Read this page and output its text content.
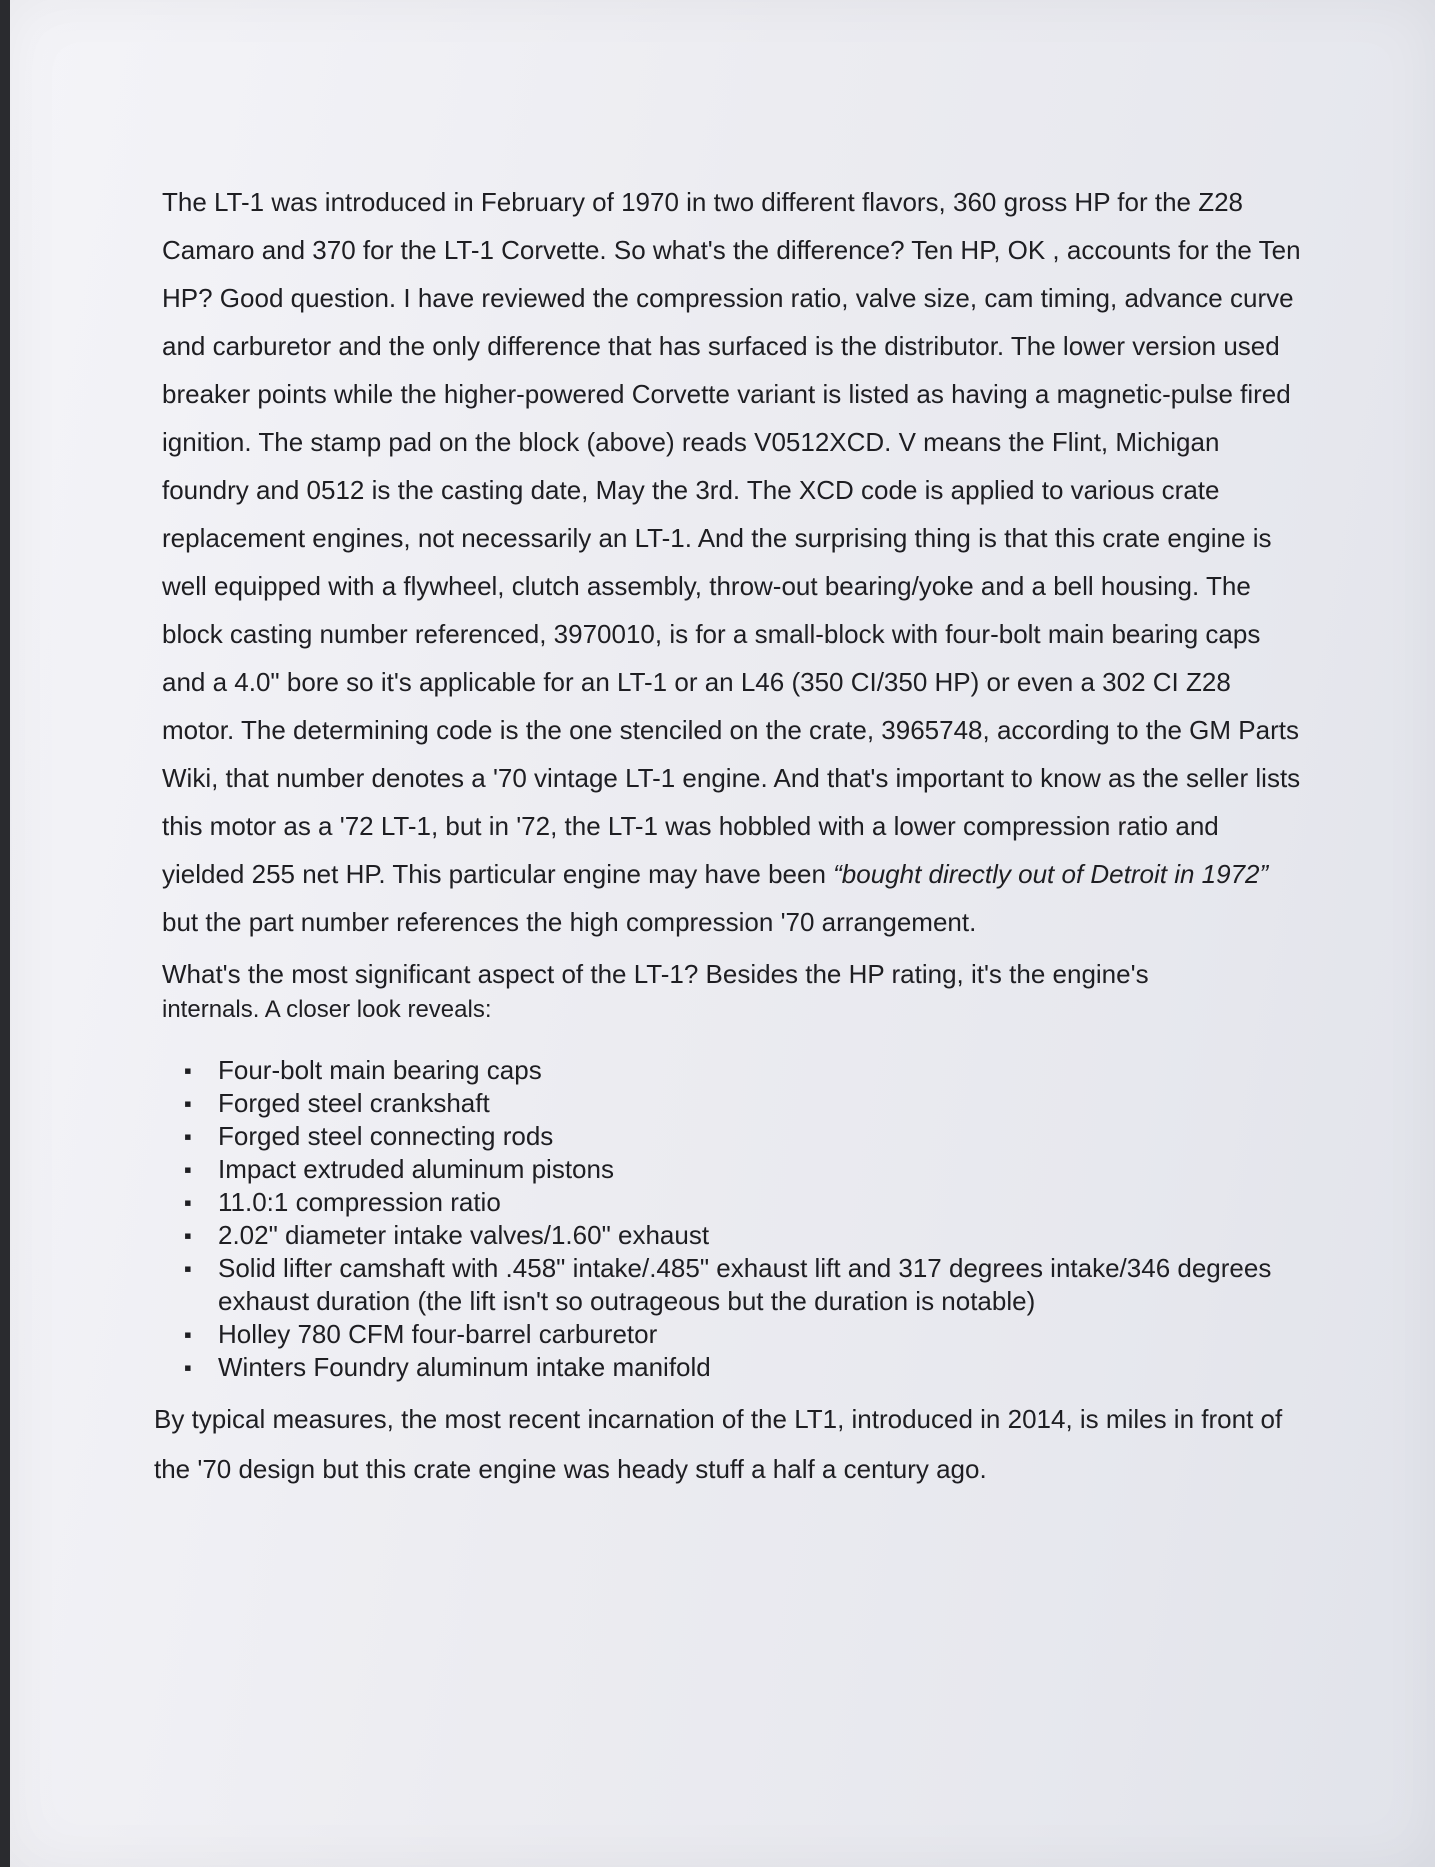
The LT-1 was introduced in February of 1970 in two different flavors, 360 gross HP for the Z28 Camaro and 370 for the LT-1 Corvette. So what's the difference? Ten HP, OK , accounts for the Ten HP? Good question. I have reviewed the compression ratio, valve size, cam timing, advance curve and carburetor and the only difference that has surfaced is the distributor. The lower version used breaker points while the higher-powered Corvette variant is listed as having a magnetic-pulse fired ignition. The stamp pad on the block (above) reads V0512XCD. V means the Flint, Michigan foundry and 0512 is the casting date, May the 3rd. The XCD code is applied to various crate replacement engines, not necessarily an LT-1. And the surprising thing is that this crate engine is well equipped with a flywheel, clutch assembly, throw-out bearing/yoke and a bell housing. The block casting number referenced, 3970010, is for a small-block with four-bolt main bearing caps and a 4.0" bore so it's applicable for an LT-1 or an L46 (350 CI/350 HP) or even a 302 CI Z28 motor. The determining code is the one stenciled on the crate, 3965748, according to the GM Parts Wiki, that number denotes a '70 vintage LT-1 engine. And that's important to know as the seller lists this motor as a '72 LT-1, but in '72, the LT-1 was hobbled with a lower compression ratio and yielded 255 net HP. This particular engine may have been “bought directly out of Detroit in 1972” but the part number references the high compression '70 arrangement.

What's the most significant aspect of the LT-1? Besides the HP rating, it's the engine's
internals. A closer look reveals:

▪ Four-bolt main bearing caps
▪ Forged steel crankshaft
▪ Forged steel connecting rods
▪ Impact extruded aluminum pistons
▪ 11.0:1 compression ratio
▪ 2.02" diameter intake valves/1.60" exhaust
▪ Solid lifter camshaft with .458" intake/.485" exhaust lift and 317 degrees intake/346 degrees exhaust duration (the lift isn't so outrageous but the duration is notable)
▪ Holley 780 CFM four-barrel carburetor
▪ Winters Foundry aluminum intake manifold

By typical measures, the most recent incarnation of the LT1, introduced in 2014, is miles in front of the '70 design but this crate engine was heady stuff a half a century ago.
